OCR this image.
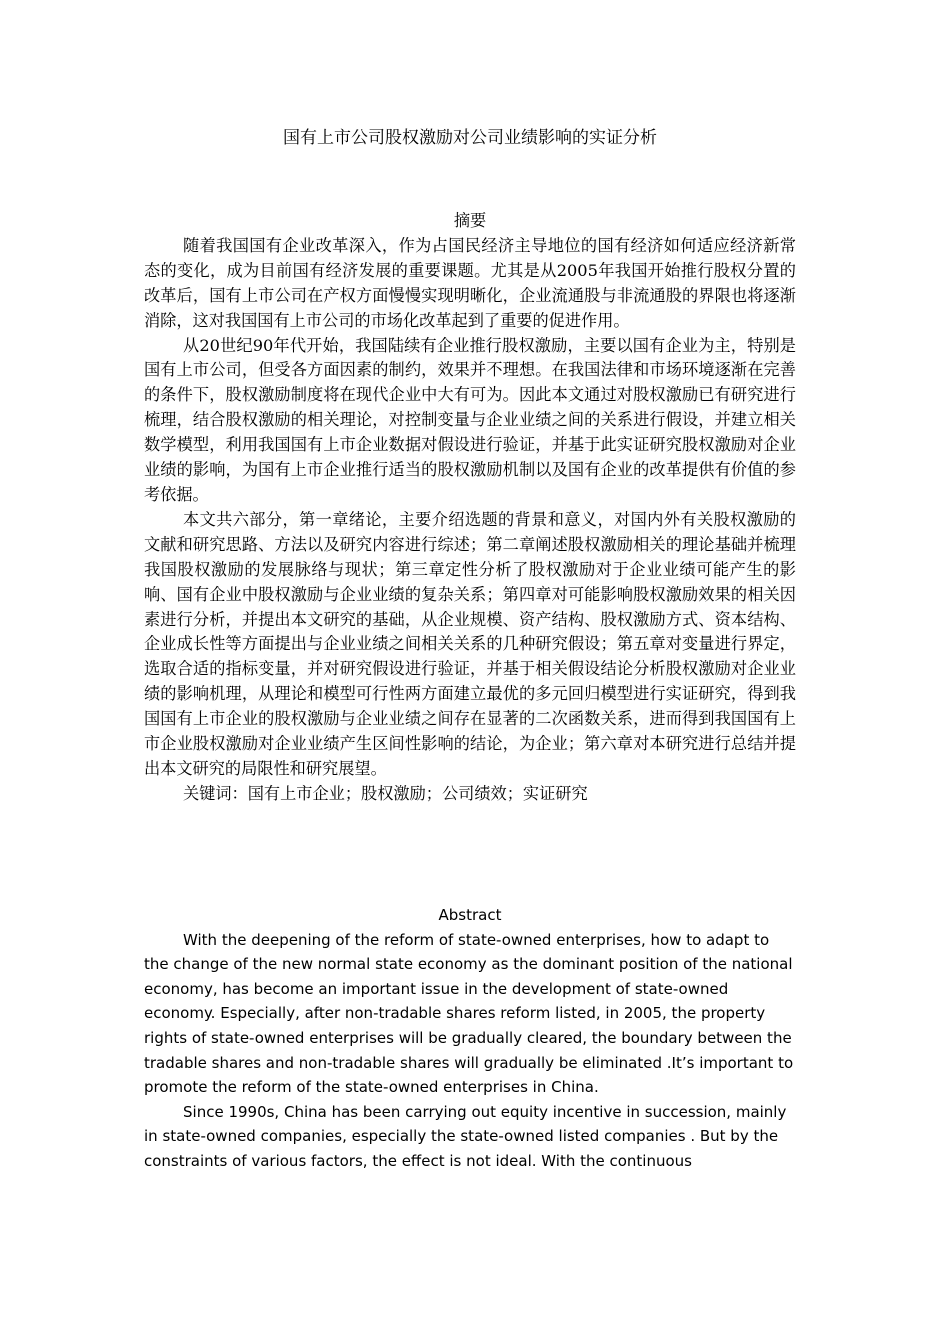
国有上市公司股权激励对公司业绩影响的实证分析

摘要

随着我国国有企业改革深入，作为占国民经济主导地位的国有经济如何适应经济新常态的变化，成为目前国有经济发展的重要课题。尤其是从2005年我国开始推行股权分置的改革后，国有上市公司在产权方面慢慢实现明晰化，企业流通股与非流通股的界限也将逐渐消除，这对我国国有上市公司的市场化改革起到了重要的促进作用。

从20世纪90年代开始，我国陆续有企业推行股权激励，主要以国有企业为主，特别是国有上市公司，但受各方面因素的制约，效果并不理想。在我国法律和市场环境逐渐在完善的条件下，股权激励制度将在现代企业中大有可为。因此本文通过对股权激励已有研究进行梳理，结合股权激励的相关理论，对控制变量与企业业绩之间的关系进行假设，并建立相关数学模型，利用我国国有上市企业数据对假设进行验证，并基于此实证研究股权激励对企业业绩的影响，为国有上市企业推行适当的股权激励机制以及国有企业的改革提供有价值的参考依据。

本文共六部分，第一章绪论，主要介绍选题的背景和意义，对国内外有关股权激励的文献和研究思路、方法以及研究内容进行综述；第二章阐述股权激励相关的理论基础并梳理我国股权激励的发展脉络与现状；第三章定性分析了股权激励对于企业业绩可能产生的影响、国有企业中股权激励与企业业绩的复杂关系；第四章对可能影响股权激励效果的相关因素进行分析，并提出本文研究的基础，从企业规模、资产结构、股权激励方式、资本结构、企业成长性等方面提出与企业业绩之间相关关系的几种研究假设；第五章对变量进行界定，选取合适的指标变量，并对研究假设进行验证，并基于相关假设结论分析股权激励对企业业绩的影响机理，从理论和模型可行性两方面建立最优的多元回归模型进行实证研究，得到我国国有上市企业的股权激励与企业业绩之间存在显著的二次函数关系，进而得到我国国有上市企业股权激励对企业业绩产生区间性影响的结论，为企业；第六章对本研究进行总结并提出本文研究的局限性和研究展望。

关键词：国有上市企业；股权激励；公司绩效；实证研究

Abstract

With the deepening of the reform of state-owned enterprises, how to adapt to the change of the new normal state economy as the dominant position of the national economy, has become an important issue in the development of state-owned economy. Especially, after non-tradable shares reform listed, in 2005, the property rights of state-owned enterprises will be gradually cleared, the boundary between the tradable shares and non-tradable shares will gradually be eliminated .It’s important to promote the reform of the state-owned enterprises in China.

Since 1990s, China has been carrying out equity incentive in succession, mainly in state-owned companies, especially the state-owned listed companies . But by the constraints of various factors, the effect is not ideal. With the continuous
